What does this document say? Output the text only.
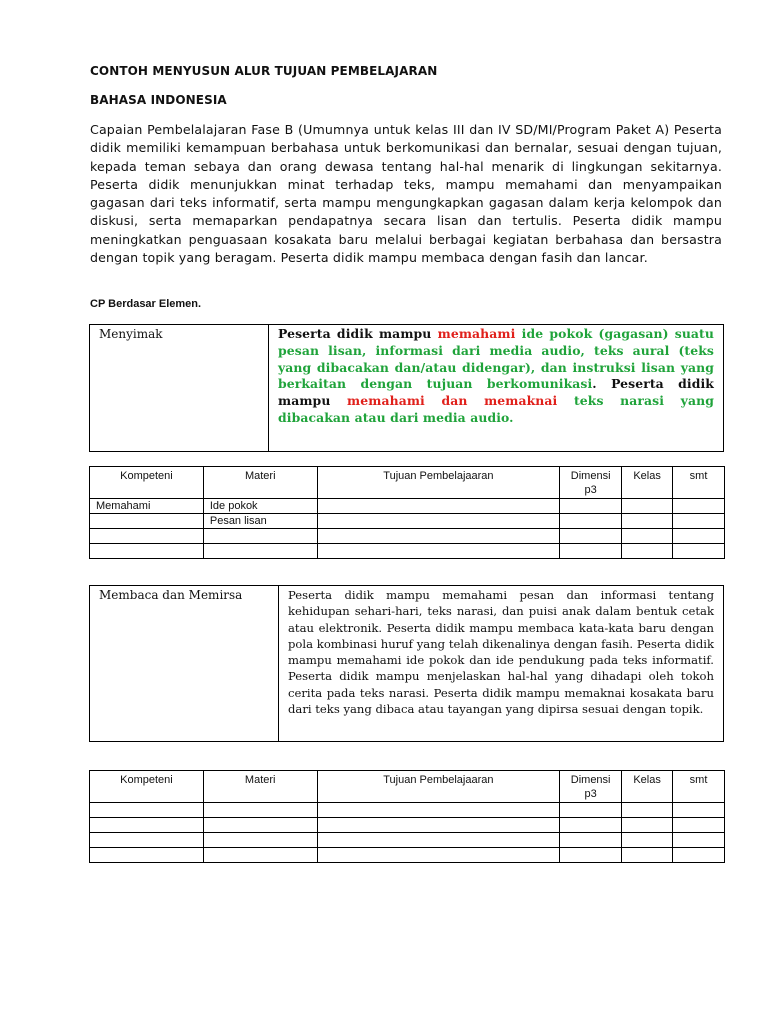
CONTOH MENYUSUN ALUR TUJUAN PEMBELAJARAN
BAHASA INDONESIA

Capaian Pembelalajaran Fase B (Umumnya untuk kelas III dan IV SD/MI/Program Paket A) Peserta didik memiliki kemampuan berbahasa untuk berkomunikasi dan bernalar, sesuai dengan tujuan, kepada teman sebaya dan orang dewasa tentang hal-hal menarik di lingkungan sekitarnya. Peserta didik menunjukkan minat terhadap teks, mampu memahami dan menyampaikan gagasan dari teks informatif, serta mampu mengungkapkan gagasan dalam kerja kelompok dan diskusi, serta memaparkan pendapatnya secara lisan dan tertulis. Peserta didik mampu meningkatkan penguasaan kosakata baru melalui berbagai kegiatan berbahasa dan bersastra dengan topik yang beragam. Peserta didik mampu membaca dengan fasih dan lancar.

CP Berdasar Elemen.
Menyimak	Peserta didik mampu memahami ide pokok (gagasan) suatu pesan lisan, informasi dari media audio, teks aural (teks yang dibacakan dan/atau didengar), dan instruksi lisan yang berkaitan dengan tujuan berkomunikasi. Peserta didik mampu memahami dan memaknai teks narasi yang dibacakan atau dari media audio.
Kompeteni	Materi	Tujuan Pembelajaaran	Dimensi p3	Kelas	smt
Memahami	Ide pokok				
	Pesan lisan				

Membaca dan Memirsa	Peserta didik mampu memahami pesan dan informasi tentang kehidupan sehari-hari, teks narasi, dan puisi anak dalam bentuk cetak atau elektronik. Peserta didik mampu membaca kata-kata baru dengan pola kombinasi huruf yang telah dikenalinya dengan fasih. Peserta didik mampu memahami ide pokok dan ide pendukung pada teks informatif. Peserta didik mampu menjelaskan hal-hal yang dihadapi oleh tokoh cerita pada teks narasi. Peserta didik mampu memaknai kosakata baru dari teks yang dibaca atau tayangan yang dipirsa sesuai dengan topik.
Kompeteni	Materi	Tujuan Pembelajaaran	Dimensi p3	Kelas	smt
